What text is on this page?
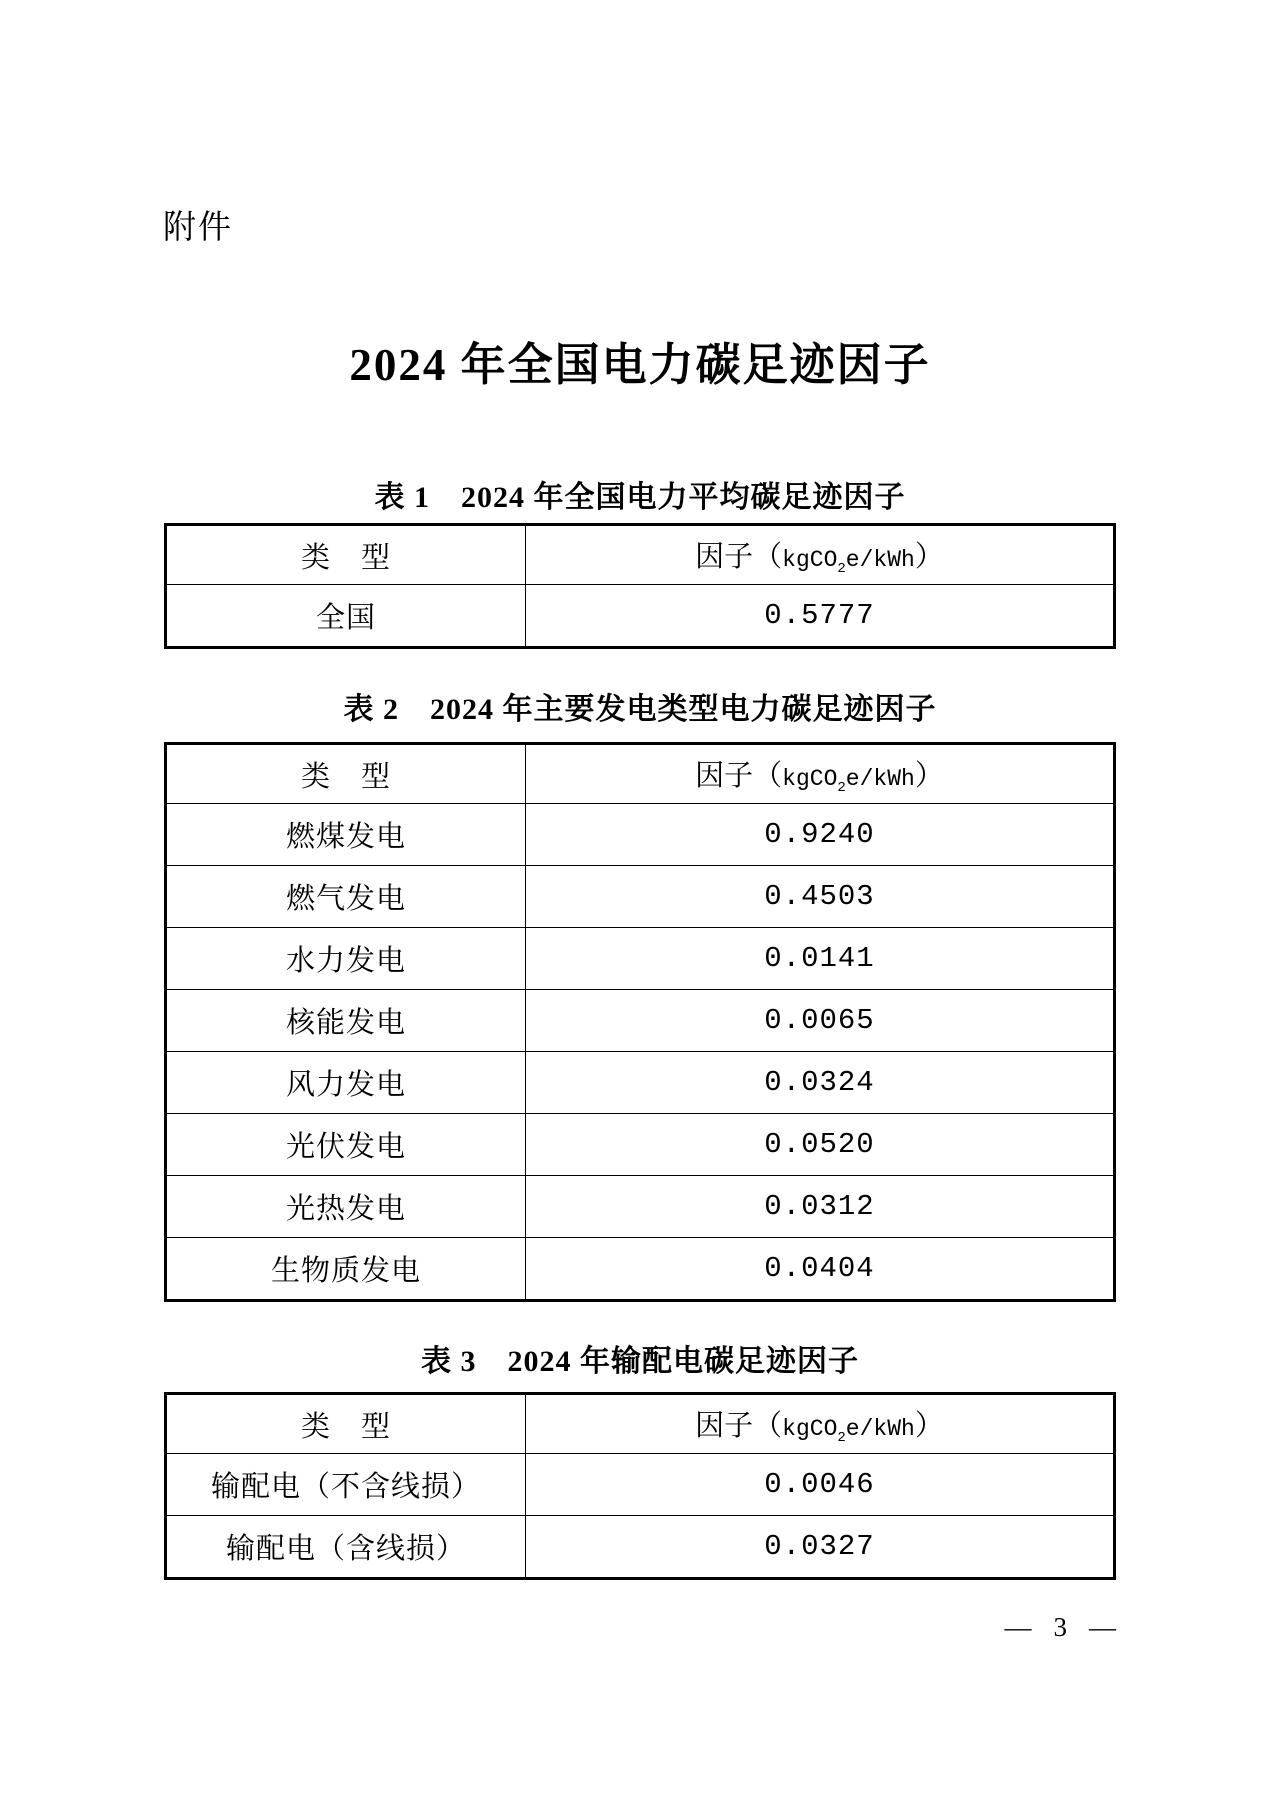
附件
2024 年全国电力碳足迹因子
表 1　2024 年全国电力平均碳足迹因子
类　型	因子（kgCO$_2$e/kWh）
全国	0.5777
表 2　2024 年主要发电类型电力碳足迹因子
类　型	因子（kgCO$_2$e/kWh）
燃煤发电	0.9240
燃气发电	0.4503
水力发电	0.0141
核能发电	0.0065
风力发电	0.0324
光伏发电	0.0520
光热发电	0.0312
生物质发电	0.0404
表 3　2024 年输配电碳足迹因子
类　型	因子（kgCO$_2$e/kWh）
输配电（不含线损）	0.0046
输配电（含线损）	0.0327
— 3 —
